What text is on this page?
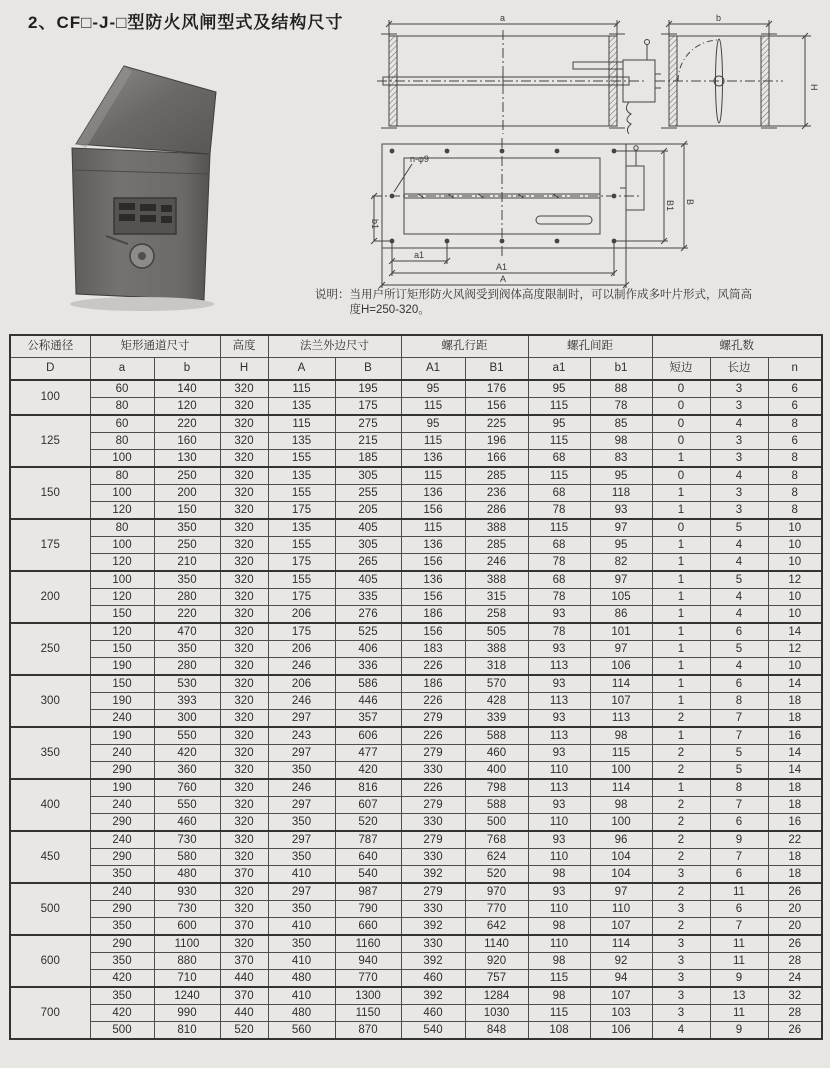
2、CF□-J-□型防火风闸型式及结构尺寸	a	b
H
n-φ9
b1
a1
A1
A
B1 B
说明： 当用户所订矩形防火风阀受到阀体高度限制时，可以制作成多叶片形式，风筒高
度H=250-320。
公称通径	矩形通道尺寸		高度	法兰外边尺寸		螺孔行距		螺孔间距		螺孔数		
D	a	b	H	A	B	A1	B1	a1	b1	短边	长边	n
100	60	140	320	115	195	95	176	95	88	0	3	6
	80	120	320	135	175	115	156	115	78	0	3	6
125	60	220	320	115	275	95	225	95	85	0	4	8
	80	160	320	135	215	115	196	115	98	0	3	6
	100	130	320	155	185	136	166	68	83	1	3	8
150	80	250	320	135	305	115	285	115	95	0	4	8
	100	200	320	155	255	136	236	68	118	1	3	8
	120	150	320	175	205	156	286	78	93	1	3	8
175	80	350	320	135	405	115	388	115	97	0	5	10
	100	250	320	155	305	136	285	68	95	1	4	10
	120	210	320	175	265	156	246	78	82	1	4	10
200	100	350	320	155	405	136	388	68	97	1	5	12
	120	280	320	175	335	156	315	78	105	1	4	10
	150	220	320	206	276	186	258	93	86	1	4	10
250	120	470	320	175	525	156	505	78	101	1	6	14
	150	350	320	206	406	183	388	93	97	1	5	12
	190	280	320	246	336	226	318	113	106	1	4	10
300	150	530	320	206	586	186	570	93	114	1	6	14
	190	393	320	246	446	226	428	113	107	1	8	18
	240	300	320	297	357	279	339	93	113	2	7	18
350	190	550	320	243	606	226	588	113	98	1	7	16
	240	420	320	297	477	279	460	93	115	2	5	14
	290	360	320	350	420	330	400	110	100	2	5	14
400	190	760	320	246	816	226	798	113	114	1	8	18
	240	550	320	297	607	279	588	93	98	2	7	18
	290	460	320	350	520	330	500	110	100	2	6	16
450	240	730	320	297	787	279	768	93	96	2	9	22
	290	580	320	350	640	330	624	110	104	2	7	18
	350	480	370	410	540	392	520	98	104	3	6	18
500	240	930	320	297	987	279	970	93	97	2	11	26
	290	730	320	350	790	330	770	110	110	3	6	20
	350	600	370	410	660	392	642	98	107	2	7	20
600	290	1100	320	350	1160	330	1140	110	114	3	11	26
	350	880	370	410	940	392	920	98	92	3	11	28
	420	710	440	480	770	460	757	115	94	3	9	24
700	350	1240	370	410	1300	392	1284	98	107	3	13	32
	420	990	440	480	1150	460	1030	115	103	3	11	28
	500	810	520	560	870	540	848	108	106	4	9	26
